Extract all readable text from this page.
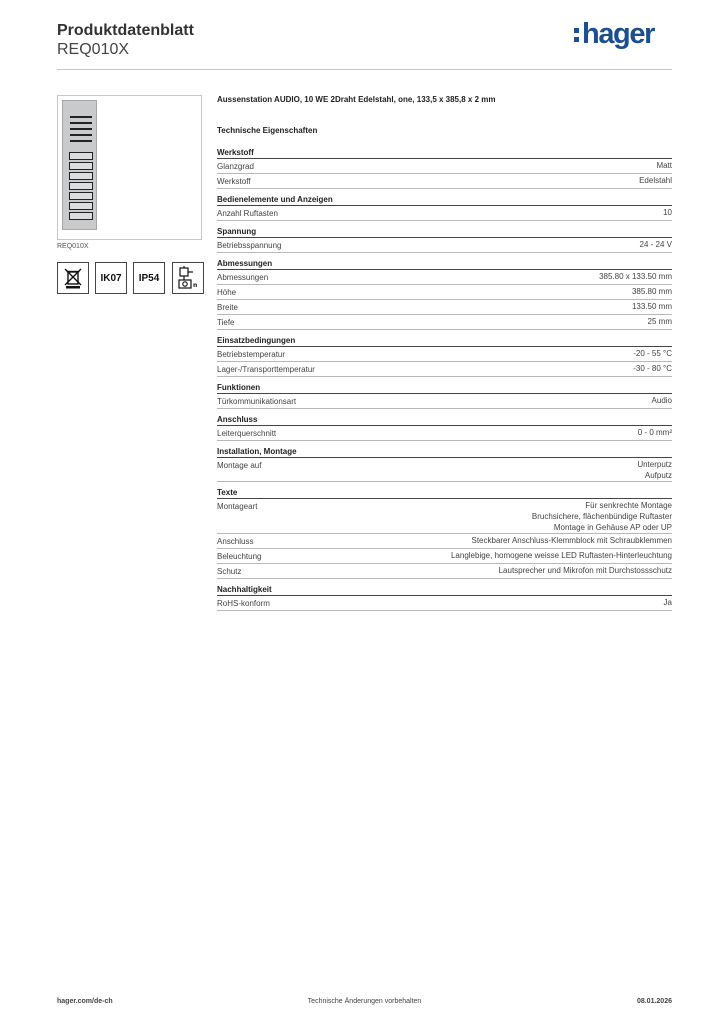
Produktdatenblatt
REQ010X	hager
REQ010X
IK07	IP54
n
Aussenstation AUDIO, 10 WE 2Draht Edelstahl, one, 133,5 x 385,8 x 2 mm
Technische Eigenschaften
Werkstoff
Glanzgrad	Matt
Werkstoff	Edelstahl
Bedienelemente und Anzeigen
Anzahl Ruftasten	10
Spannung
Betriebsspannung	24 - 24 V
Abmessungen
Abmessungen	385.80 x 133.50 mm
Höhe	385.80 mm
Breite	133.50 mm
Tiefe	25 mm
Einsatzbedingungen
Betriebstemperatur	-20 - 55 °C
Lager-/Transporttemperatur	-30 - 80 °C
Funktionen
Türkommunikationsart	Audio
Anschluss
Leiterquerschnitt	0 - 0 mm²
Installation, Montage
Montage auf	Unterputz
Aufputz
Texte
Montageart	Für senkrechte Montage
Bruchsichere, flächenbündige Ruftaster
Montage in Gehäuse AP oder UP
Anschluss	Steckbarer Anschluss-Klemmblock mit Schraubklemmen
Beleuchtung	Langlebige, homogene weisse LED Ruftasten-Hinterleuchtung
Schutz	Lautsprecher und Mikrofon mit Durchstossschutz
Nachhaltigkeit
RoHS-konform	Ja
hager.com/de-ch	Technische Änderungen vorbehalten	08.01.2026
